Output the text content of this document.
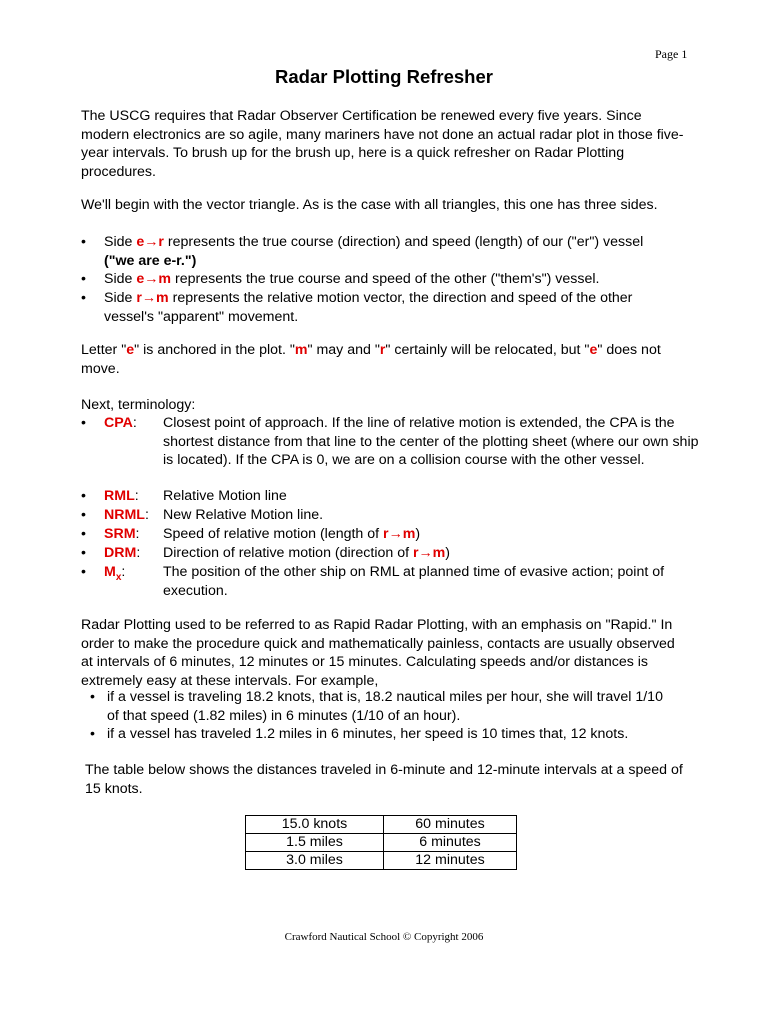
Page 1
Radar Plotting Refresher
The USCG requires that Radar Observer Certification be renewed every five years. Since modern electronics are so agile, many mariners have not done an actual radar plot in those five-year intervals. To brush up for the brush up, here is a quick refresher on Radar Plotting procedures.
We'll begin with the vector triangle. As is the case with all triangles, this one has three sides.
• Side e→r represents the true course (direction) and speed (length) of our ("er") vessel
("we are e-r.")
• Side e→m represents the true course and speed of the other ("them's") vessel.
• Side r→m represents the relative motion vector, the direction and speed of the other vessel's "apparent" movement.
Letter "e" is anchored in the plot. "m" may and "r" certainly will be relocated, but "e" does not move.
Next, terminology:
• CPA: Closest point of approach. If the line of relative motion is extended, the CPA is the shortest distance from that line to the center of the plotting sheet (where our own ship is located). If the CPA is 0, we are on a collision course with the other vessel.
• RML: Relative Motion line
• NRML: New Relative Motion line.
• SRM: Speed of relative motion (length of r→m)
• DRM: Direction of relative motion (direction of r→m)
• $M_x$:	The position of the other ship on RML at planned time of evasive action; point of execution.
Radar Plotting used to be referred to as Rapid Radar Plotting, with an emphasis on "Rapid." In order to make the procedure quick and mathematically painless, contacts are usually observed at intervals of 6 minutes, 12 minutes or 15 minutes. Calculating speeds and/or distances is extremely easy at these intervals. For example,
• if a vessel is traveling 18.2 knots, that is, 18.2 nautical miles per hour, she will travel 1/10 of that speed (1.82 miles) in 6 minutes (1/10 of an hour).
• if a vessel has traveled 1.2 miles in 6 minutes, her speed is 10 times that, 12 knots.
The table below shows the distances traveled in 6-minute and 12-minute intervals at a speed of 15 knots.
15.0 knots	60 minutes
1.5 miles	6 minutes
3.0 miles	12 minutes
Crawford Nautical School © Copyright 2006
